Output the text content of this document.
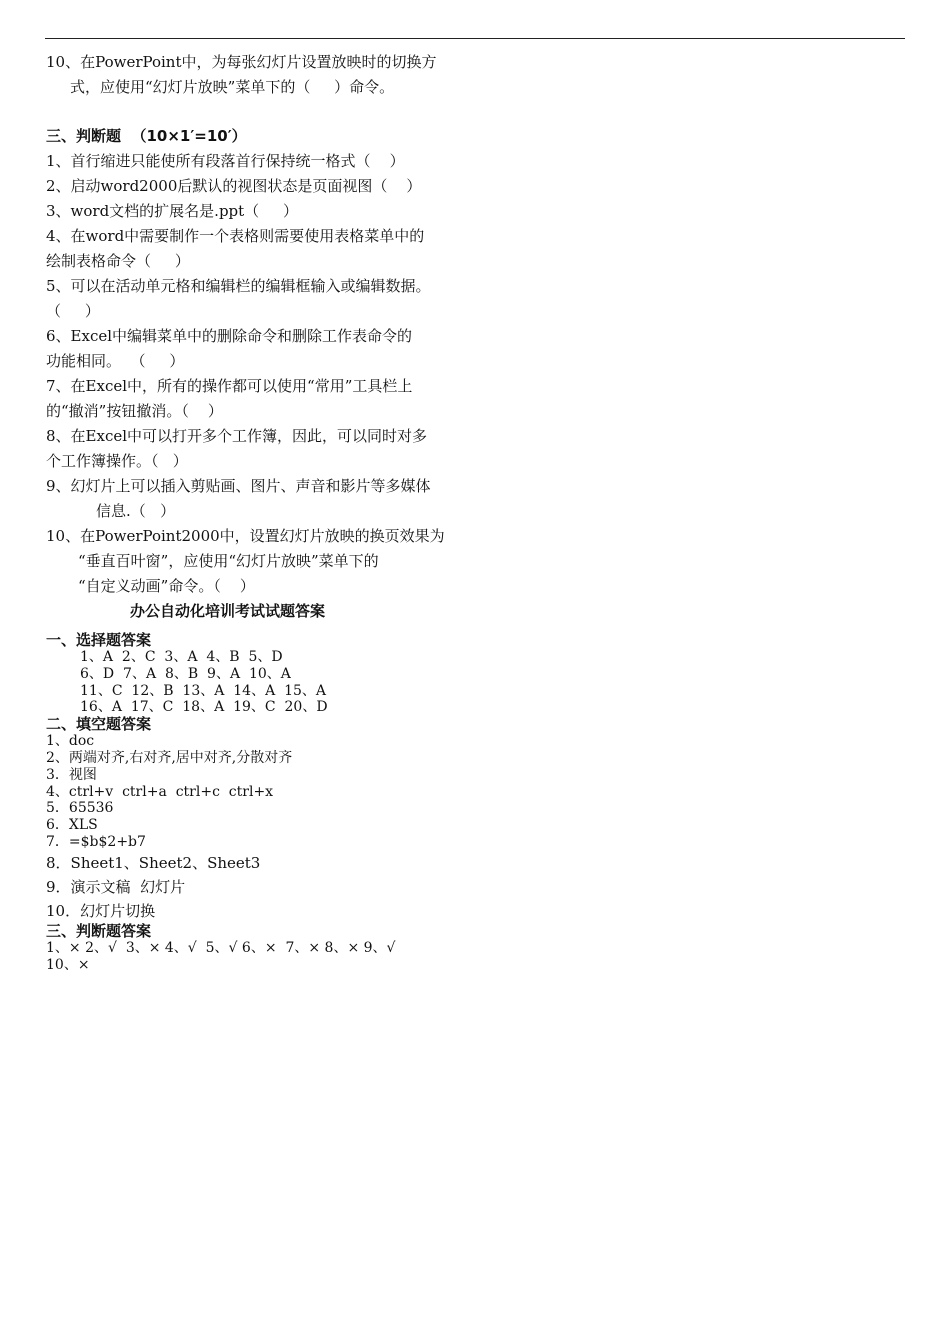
10、在PowerPoint中，为每张幻灯片设置放映时的切换方
式，应使用“幻灯片放映”菜单下的（     ）命令。
三、判断题  （10×1′=10′）
1、首行缩进只能使所有段落首行保持统一格式（    ）
2、启动word2000后默认的视图状态是页面视图（    ）
3、word文档的扩展名是.ppt（     ）
4、在word中需要制作一个表格则需要使用表格菜单中的
绘制表格命令（     ）
5、可以在活动单元格和编辑栏的编辑框输入或编辑数据。
（     ）
6、Excel中编辑菜单中的删除命令和删除工作表命令的
功能相同。  （     ）
7、在Excel中，所有的操作都可以使用“常用”工具栏上
的“撤消”按钮撤消。（    ）
8、在Excel中可以打开多个工作簿，因此，可以同时对多
个工作簿操作。（   ）
9、幻灯片上可以插入剪贴画、图片、声音和影片等多媒体
信息.（   ）
10、在PowerPoint2000中，设置幻灯片放映的换页效果为
“垂直百叶窗”，应使用“幻灯片放映”菜单下的
“自定义动画”命令。（    ）
办公自动化培训考试试题答案
一、选择题答案
1、A  2、C  3、A  4、B  5、D
6、D  7、A  8、B  9、A  10、A
11、C  12、B  13、A  14、A  15、A
16、A  17、C  18、A  19、C  20、D
二、填空题答案
1、doc
2、两端对齐,右对齐,居中对齐,分散对齐
3．视图
4、ctrl+v  ctrl+a  ctrl+c  ctrl+x
5．65536
6．XLS
7．=$b$2+b7
8．Sheet1、Sheet2、Sheet3
9．演示文稿  幻灯片
10．幻灯片切换
三、判断题答案
1、× 2、√  3、× 4、√  5、√ 6、×  7、× 8、× 9、√
10、×
